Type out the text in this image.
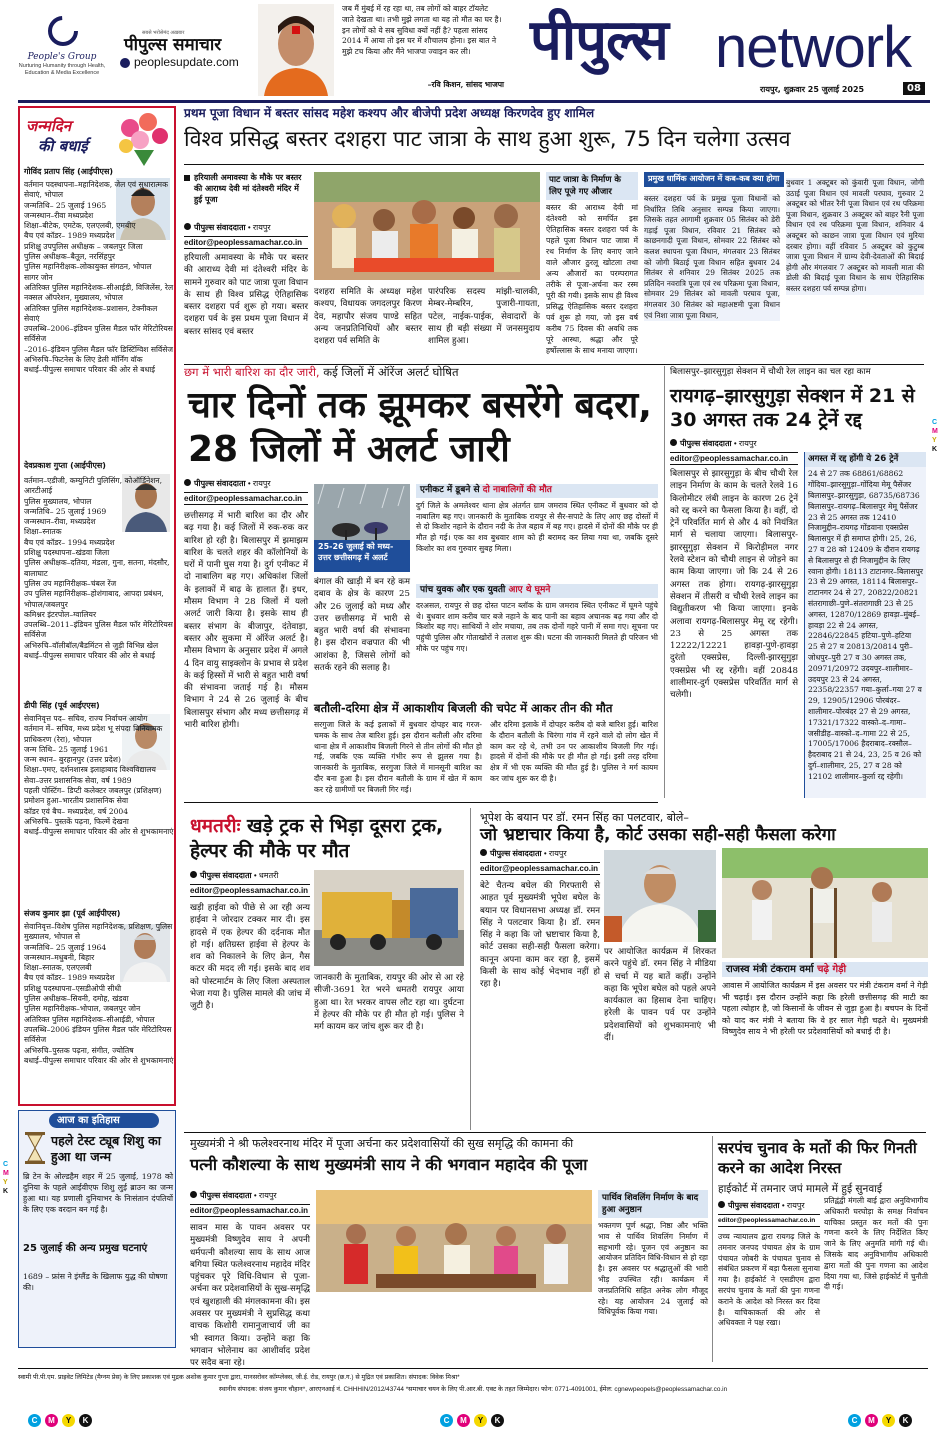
People's Group
Nurturing Humanity through Health, Education & Media Excellence
सबसे भरोसेमंद अख़बार
पीपुल्स समाचार
peoplesupdate.com
जब मैं मुंबई में रह रहा था, तब लोगों को बाहर टॉयलेट जाते देखता था। तभी मुझे लगता था यह तो मौत का घर है। इन लोगों को ये सब सुविधा क्यों नहीं है? पहला सांसद 2014 में आया तो इस घर में शौचालय होना। इस बात ने मुझे टच किया और मैंने भाजपा ज्वाइन कर ली।
–रवि किशन, सांसद भाजपा
पीपुल्स network
रायपुर, शुक्रवार 25 जुलाई 2025	08
जन्मदिन
की बधाई
गोविंद प्रताप सिंह (आईपीएस)
वर्तमान पदस्थापना–महानिदेशक, जेल एवं सुधारात्मक सेवाएं, भोपाल
जन्मतिथि– 25 जुलाई 1965
जन्मस्थान–रीवा मध्यप्रदेश
शिक्षा–बीटेक, एमटेक, एलएलबी, एमबीए
बैच एवं कॉडर– 1989 मध्यप्रदेश
प्रशिक्षु उपपुलिस अधीक्षक – जबलपुर जिला
पुलिस अधीक्षक–बैतूल, नरसिंहपुर
पुलिस महानिरीक्षक–लोकायुक्त संगठन, भोपाल
सागर जोन
अतिरिक्त पुलिस महानिदेशक–सीआईडी, विजिलेंस, रेल नक्सल ऑपरेशन, मुख्यालय, भोपाल
अतिरिक्त पुलिस महानिदेशक–प्रशासन, टेक्नीकल सेवाएं
उपलब्धि–2006–इंडियन पुलिस मैडल फॉर मेरिटोरियस सर्विसेज
–2016–इंडियन पुलिस मैडल फॉर डिस्टिंग्विश सर्विसेज
अभिरुचि–फिटनेस के लिए डेली मॉर्निंग वॉक
बधाई–पीपुल्स समाचार परिवार की ओर से बधाई
देवप्रकाश गुप्ता (आईपीएस)
वर्तमान–एडीजी, कम्युनिटी पुलिसिंग, कोऑर्डिनेशन, आरटीआई
पुलिस मुख्यालय, भोपाल
जन्मतिथि– 25 जुलाई 1969
जन्मस्थान–रीवा, मध्यप्रदेश
शिक्षा–स्नातक
बैच एवं कॉडर– 1994 मध्यप्रदेश
प्रशिक्षु पदस्थापना–खंडवा जिला
पुलिस अधीक्षक–दतिया, मंडला, गुना, सतना, मंदसौर, बालाघाट
पुलिस उप महानिरीक्षक–चंबल रेंज
उप पुलिस महानिरीक्षक–होशंगाबाद, आपदा प्रबंधन, भोपाल/जबलपुर
कमिश्नर इंटरपोल–ग्वालियर
उपलब्धि–2011–इंडियन पुलिस मैडल फॉर मेरिटोरियस सर्विसेज
अभिरुचि–वॉलीबॉल/बैडमिंटन से जुड़ी विभिन्न खेल
बधाई–पीपुल्स समाचार परिवार की ओर से बधाई
डीपी सिंह (पूर्व आईएएस)
सेवानिवृत्त पद– सचिव, राज्य निर्वाचन आयोग
वर्तमान में– सचिव, मध्य प्रदेश भू संपदा विनियामक प्राधिकरण (रेरा), भोपाल
जन्म तिथि– 25 जुलाई 1961
जन्म स्थान– बुरहानपुर (उत्तर प्रदेश)
शिक्षा–एमए, दर्शनशास्त्र इलाहाबाद विश्वविद्यालय
सेवा–उत्तर प्रशासनिक सेवा, वर्ष 1989
पहली पोस्टिंग– डिप्टी कलेक्टर जबलपुर (प्रशिक्षण)
प्रमोशन हुआ–भारतीय प्रशासनिक सेवा
कॉडर एवं बैच– मध्यप्रदेश, वर्ष 2004
अभिरुचि– पुस्तकें पढ़ना, फिल्में देखना
बधाई–पीपुल्स समाचार परिवार की ओर से शुभकामनाएं
संजय कुमार झा (पूर्व आईपीएस)
सेवानिवृत्त–विशेष पुलिस महानिदेशक, प्रशिक्षण, पुलिस मुख्यालय, भोपाल से
जन्मतिथि– 25 जुलाई 1964
जन्मस्थान–मधुबनी, बिहार
शिक्षा–स्नातक, एलएलबी
बैच एवं कॉडर– 1989 मध्यप्रदेश
प्रशिक्षु पदस्थापना–एसडीओपी सीधी
पुलिस अधीक्षक–सिवनी, दमोह, खंडवा
पुलिस महानिरीक्षक–भोपाल, जबलपुर जोन
अतिरिक्त पुलिस महानिदेशक–सीआईडी, भोपाल
उपलब्धि–2006 इंडियन पुलिस मैडल फॉर मेरिटोरियस सर्विसेज
अभिरुचि–पुस्तक पढ़ना, संगीत, ज्योतिष
बधाई–पीपुल्स समाचार परिवार की ओर से शुभकामनाएं
आज का इतिहास
पहले टेस्ट ट्यूब शिशु का हुआ था जन्म
ब्रि टेन के ओल्डहैम शहर में 25 जुलाई, 1978 को दुनिया के पहले आईवीएफ शिशु लुई ब्राउन का जन्म हुआ था। यह प्रणाली दुनियाभर के निःसंतान दंपतियों के लिए एक वरदान बन गई है।
25 जुलाई की अन्य प्रमुख घटनाएं
1689 – फ्रांस ने इंग्लैंड के खिलाफ युद्ध की घोषणा की।
प्रथम पूजा विधान में बस्तर सांसद महेश कश्यप और बीजेपी प्रदेश अध्यक्ष किरणदेव हुए शामिल
विश्व प्रसिद्ध बस्तर दशहरा पाट जात्रा के साथ हुआ शुरू, 75 दिन चलेगा उत्सव
हरियाली अमावस्या के मौके पर बस्तर की आराध्य देवी मां दंतेश्वरी मंदिर में हुई पूजा
पीपुल्स संवाददाता • रायपुर
editor@peoplessamachar.co.in
हरियाली अमावस्या के मौके पर बस्तर की आराध्य देवी मां दंतेश्वरी मंदिर के सामने गुरुवार को पाट जात्रा पूजा विधान के साथ ही विश्व प्रसिद्ध ऐतिहासिक बस्तर दशहरा पर्व शुरू हो गया। बस्तर दशहरा पर्व के इस प्रथम पूजा विधान में बस्तर सांसद एवं बस्तर
दशहरा समिति के अध्यक्ष महेश कश्यप, विधायक जगदलपुर किरण देव, महापौर संजय पाण्डे सहित अन्य जनप्रतिनिधियों और बस्तर दशहरा पर्व समिति के
पारंपरिक सदस्य मांझी-चालकी, मेम्बर-मेम्बरिन, पुजारी-गायता, पटेल, नाईक-पाईक, सेवादारों के साथ ही बड़ी संख्या में जनसमुदाय शामिल हुआ।
पाट जात्रा के निर्माण के लिए पूजे गए औजार
बस्तर की आराध्य देवी मां दंतेश्वरी को समर्पित इस ऐतिहासिक बस्तर दशहरा पर्व के पहले पूजा विधान पाट जात्रा में रथ निर्माण के लिए बनाए जाने वाले औजार ठुरलू खोटला तथा अन्य औजारों का परम्परागत तरीके से पूजा-अर्चना कर रस्म पूरी की गयी। इसके साथ ही विश्व प्रसिद्ध ऐतिहासिक बस्तर दशहरा पर्व शुरू हो गया, जो इस वर्ष करीब 75 दिवस की अवधि तक पूरे आस्था, श्रद्धा और पूरे हर्षोल्लास के साथ मनाया जाएगा।
प्रमुख धार्मिक आयोजन में कब-कब क्या होगा
बस्तर दशहरा पर्व के प्रमुख पूजा विधानों को निर्धारित तिथि अनुसार सम्पन्न किया जाएगा। जिसके तहत आगामी शुक्रवार 05 सितंबर को डेरी गड़ाई पूजा विधान, रविवार 21 सितंबर को काछनगादी पूजा विधान, सोमवार 22 सितंबर को कलश स्थापना पूजा विधान, मंगलवार 23 सितंबर को जोगी बिठाई पूजा विधान सहित बुधवार 24 सितंबर से शनिवार 29 सितंबर 2025 तक प्रतिदिन नवरात्रि पूजा एवं रथ परिक्रमा पूजा विधान, सोमवार 29 सितंबर को मावली परघाव पूजा, मंगलवार 30 सितंबर को महाअष्टमी पूजा विधान एवं निशा जात्रा पूजा विधान,
बुधवार 1 अक्टूबर को कुंवारी पूजा विधान, जोगी उठाई पूजा विधान एवं मावली परघाव, गुरुवार 2 अक्टूबर को भीतर रैनी पूजा विधान एवं रथ परिक्रमा पूजा विधान, शुक्रवार 3 अक्टूबर को बाहर रैनी पूजा विधान एवं रथ परिक्रमा पूजा विधान, शनिवार 4 अक्टूबर को काछन जात्रा पूजा विधान एवं मुरिया दरबार होगा। वहीं रविवार 5 अक्टूबर को कुटुम्ब जात्रा पूजा विधान में ग्राम्य देवी-देवताओं की बिदाई होगी और मंगलवार 7 अक्टूबर को मावली माता की डोली की बिदाई पूजा विधान के साथ ऐतिहासिक बस्तर दशहरा पर्व सम्पन्न होगा।
छग में भारी बारिश का दौर जारी, कई जिलों में ऑरेंज अलर्ट घोषित
चार दिनों तक झूमकर बसरेंगे बदरा, 28 जिलों में अलर्ट जारी
पीपुल्स संवाददाता • रायपुर
editor@peoplessamachar.co.in
छत्तीसगढ़ में भारी बारिश का दौर और बढ़ गया है। कई जिलों में रुक-रुक कर बारिश हो रही है। बिलासपुर में झमाझम बारिश के चलते शहर की कॉलोनियों के घरों में पानी घुस गया है। दुर्ग एनीकट में दो नाबालिग बह गए। अधिकांश जिलों के इलाकों में बाढ़ के हालात हैं। इधर, मौसम विभाग ने 28 जिलों में यलो अलर्ट जारी किया है। इसके साथ ही बस्तर संभाग के बीजापुर, दंतेवाड़ा, बस्तर और सुकमा में ऑरेंज अलर्ट है। मौसम विभाग के अनुसार प्रदेश में अगले 4 दिन वायु साइक्लोन के प्रभाव से प्रदेश के कई हिस्सों में भारी से बहुत भारी वर्षा की संभावना जताई गई है। मौसम विभाग ने 24 से 26 जुलाई के बीच बिलासपुर संभाग और मध्य छत्तीसगढ़ में भारी बारिश होगी।
25-26 जुलाई को मध्य-उत्तर छत्तीसगढ़ में अलर्ट
बंगाल की खाड़ी में बन रहे कम दबाव के क्षेत्र के कारण 25 और 26 जुलाई को मध्य और उत्तर छत्तीसगढ़ में भारी से बहुत भारी वर्षा की संभावना है। इस दौरान वज्रपात की भी आशंका है, जिससे लोगों को सतर्क रहने की सलाह है।
एनीकट में डूबने से दो नाबालिगों की मौत
दुर्ग जिले के अमलेश्वर थाना क्षेत्र अंतर्गत ग्राम जमराव स्थित एनीकट में बुधवार को दो नाबालिग बह गए। जानकारी के मुताबिक रायपुर से सैर-सपाटे के लिए आए छह दोस्तों में से दो किशोर नहाने के दौरान नदी के तेज बहाव में बह गए। हादसे में दोनों की मौके पर ही मौत हो गई। एक का शव बुधवार शाम को ही बरामद कर लिया गया था, जबकि दूसरे किशोर का शव गुरुवार सुबह मिला।
पांच युवक और एक युवती आए थे घूमने
दरअसल, रायपुर से छह दोस्त पाटन ब्लॉक के ग्राम जमराव स्थित एनीकट में घूमने पहुंचे थे। बुधवार शाम करीब चार बजे नहाने के बाद पानी का बहाव अचानक बढ़ गया और दो किशोर बह गए। साथियों ने शोर मचाया, तब तक दोनों गहरे पानी में समा गए। सूचना पर पहुंची पुलिस और गोताखोरों ने तलाश शुरू की। घटना की जानकारी मिलते ही परिजन भी मौके पर पहुंच गए।
बतौली-दरिमा क्षेत्र में आकाशीय बिजली की चपेट में आकर तीन की मौत
सरगुजा जिले के कई इलाकों में बुधवार दोपहर बाद गरज-चमक के साथ तेज बारिश हुई। इस दौरान बतौली और दरिमा थाना क्षेत्र में आकाशीय बिजली गिरने से तीन लोगों की मौत हो गई, जबकि एक व्यक्ति गंभीर रूप से झुलस गया है। जानकारी के मुताबिक, सरगुजा जिले में मानसूनी बारिश का दौर बना हुआ है। इस दौरान बतौली के ग्राम में खेत में काम कर रहे ग्रामीणों पर बिजली गिर गई।
और दरिमा इलाके में दोपहर करीब दो बजे बारिश हुई। बारिश के दौरान बतौली के चिरंगा गांव में रहने वाले दो लोग खेत में काम कर रहे थे, तभी उन पर आकाशीय बिजली गिर गई। हादसे में दोनों की मौके पर ही मौत हो गई। इसी तरह दरिमा क्षेत्र में भी एक व्यक्ति की मौत हुई है। पुलिस ने मर्ग कायम कर जांच शुरू कर दी है।
बिलासपुर–झारसुगुड़ा सेक्शन में चौथी रेल लाइन का चल रहा काम
रायगढ़–झारसुगुड़ा सेक्शन में 21 से 30 अगस्त तक 24 ट्रेनें रद्द
पीपुल्स संवाददाता • रायपुर
editor@peoplessamachar.co.in
बिलासपुर से झारसुगुड़ा के बीच चौथी रेल लाइन निर्माण के काम के चलते रेलवे 16 किलोमीटर लंबी लाइन के कारण 26 ट्रेनें को रद्द करने का फैसला किया है। वहीं, दो ट्रेनें परिवर्तित मार्ग से और 4 को नियंत्रित मार्ग से चलाया जाएगा। बिलासपुर-झारसुगुड़ा सेक्शन में किरोड़ीमल नगर रेलवे स्टेशन को चौथी लाइन से जोड़ने का काम किया जाएगा। जो कि 24 से 26 अगस्त तक होगा। रायगढ़-झारसुगुड़ा सेक्शन में तीसरी व चौथी रेलवे लाइन का विद्युतीकरण भी किया जाएगा। इनके अलावा रायगढ़-बिलासपुर मेमू रद्द रहेगी। 23 से 25 अगस्त तक 12222/12221 हावड़ा-पुणे-हावड़ा दुरंतो एक्सप्रेस, दिल्ली-झारसुगुड़ा एक्सप्रेस भी रद्द रहेंगी। वहीं 20848 शालीमार-दुर्ग एक्सप्रेस परिवर्तित मार्ग से चलेगी।
अगस्त में रद्द होंगी ये 26 ट्रेनें
24 से 27 तक 68861/68862 गोंदिया–झारसुगुड़ा–गोंदिया मेमू पैसेंजर बिलासपुर–झारसुगुड़ा, 68735/68736 बिलासपुर–रायगढ़–बिलासपुर मेमू पैसेंजर 23 से 25 अगस्त तक 12410 निजामुद्दीन–रायगढ़ गोंडवाना एक्सप्रेस बिलासपुर में ही समाप्त होगी। 25, 26, 27 व 28 को 12409 के दौरान रायगढ़ से बिलासपुर से ही निजामुद्दीन के लिए रवाना होगी। 18113 टाटानगर–बिलासपुर 23 से 29 अगस्त, 18114 बिलासपुर–टाटानगर 24 से 27, 20822/20821 संतरागाछी–पुणे–संतरागाछी 23 से 25 अगस्त, 12870/12869 हावड़ा–मुंबई–हावड़ा 22 से 24 अगस्त, 22846/22845 हटिया–पुणे–हटिया 25 से 27 व 20813/20814 पुरी–जोधपुर–पुरी 27 व 30 अगस्त तक, 20971/20972 उदयपुर–शालीमार–उदयपुर 23 से 24 अगस्त, 22358/22357 गया–कुर्ला–गया 27 व 29, 12905/12906 पोरबंदर–शालीमार–पोरबंदर 27 से 29 अगस्त, 17321/17322 वास्को–द–गामा–जसीडीह–वास्को–द–गामा 22 से 25, 17005/17006 हैदराबाद–रक्सौल–हैदराबाद 21 से 24, 23, 25 व 26 को दुर्ग–शालीमार, 25, 27 व 28 को 12102 शालीमार–कुर्ला रद्द रहेगी।
धमतरीः खड़े ट्रक से भिड़ा दूसरा ट्रक, हेल्पर की मौके पर मौत
पीपुल्स संवाददाता • धमतरी
editor@peoplessamachar.co.in
खड़ी हाईवा को पीछे से आ रही अन्य हाईवा ने जोरदार टक्कर मार दी। इस हादसे में एक हेल्पर की दर्दनाक मौत हो गई। क्षतिग्रस्त हाईवा से हेल्पर के शव को निकालने के लिए क्रेन, गैस कटर की मदद ली गई। इसके बाद शव को पोस्टमार्टम के लिए जिला अस्पताल भेजा गया है। पुलिस मामले की जांच में जुटी है।
जानकारी के मुताबिक, रायपुर की ओर से आ रहे सीजी-3691 रेत भरने धमतरी रायपुर आया हुआ था। रेत भरकर वापस लौट रहा था। दुर्घटना में हेल्पर की मौके पर ही मौत हो गई। पुलिस ने मर्ग कायम कर जांच शुरू कर दी है।
भूपेश के बयान पर डॉ. रमन सिंह का पलटवार, बोले–
जो भ्रष्टाचार किया है, कोर्ट उसका सही-सही फैसला करेगा
पीपुल्स संवाददाता • रायपुर
editor@peoplessamachar.co.in
बेटे चैतन्य बघेल की गिरफ्तारी से आहत पूर्व मुख्यमंत्री भूपेश बघेल के बयान पर विधानसभा अध्यक्ष डॉ. रमन सिंह ने पलटवार किया है। डॉ. रमन सिंह ने कहा कि जो भ्रष्टाचार किया है, कोर्ट उसका सही-सही फैसला करेगा। कानून अपना काम कर रहा है, इसमें किसी के साथ कोई भेदभाव नहीं हो रहा है।
पर आयोजित कार्यक्रम में शिरकत करने पहुंचे डॉ. रमन सिंह ने मीडिया से चर्चा में यह बातें कहीं। उन्होंने कहा कि भूपेश बघेल को पहले अपने कार्यकाल का हिसाब देना चाहिए। हरेली के पावन पर्व पर उन्होंने प्रदेशवासियों को शुभकामनाएं भी दीं।
राजस्व मंत्री टंकराम वर्मा चढ़े गेड़ी
आवास में आयोजित कार्यक्रम में इस अवसर पर मंत्री टंकराम वर्मा ने गेड़ी भी चढ़ाई। इस दौरान उन्होंने कहा कि हरेली छत्तीसगढ़ की माटी का पहला त्योहार है, जो किसानों के जीवन से जुड़ा हुआ है। बचपन के दिनों को याद कर मंत्री ने बताया कि वे हर साल गेड़ी चढ़ते थे। मुख्यमंत्री विष्णुदेव साय ने भी हरेली पर प्रदेशवासियों को बधाई दी है।
मुख्यमंत्री ने श्री फलेश्वरनाथ मंदिर में पूजा अर्चना कर प्रदेशवासियों की सुख समृद्धि की कामना की
पत्नी कौशल्या के साथ मुख्यमंत्री साय ने की भगवान महादेव की पूजा
पीपुल्स संवाददाता • रायपुर
editor@peoplessamachar.co.in
सावन मास के पावन अवसर पर मुख्यमंत्री विष्णुदेव साय ने अपनी धर्मपत्नी कौशल्या साय के साथ आज बगिया स्थित फलेश्वरनाथ महादेव मंदिर पहुंचकर पूरे विधि-विधान से पूजा-अर्चना कर प्रदेशवासियों के सुख-समृद्धि एवं खुशहाली की मंगलकामना की। इस अवसर पर मुख्यमंत्री ने सुप्रसिद्ध कथा वाचक किशोरी रामानुजाचार्य जी का भी स्वागत किया। उन्होंने कहा कि भगवान भोलेनाथ का आशीर्वाद प्रदेश पर सदैव बना रहे।
पार्थिव शिवलिंग निर्माण के बाद हुआ अनुष्ठान
भक्तगण पूर्ण श्रद्धा, निष्ठा और भक्ति भाव से पार्थिव शिवलिंग निर्माण में सहभागी रहे। पूजन एवं अनुष्ठान का आयोजन प्रतिदिन विधि-विधान से हो रहा है। इस अवसर पर श्रद्धालुओं की भारी भीड़ उपस्थित रही। कार्यक्रम में जनप्रतिनिधि सहित अनेक लोग मौजूद रहे। यह आयोजन 24 जुलाई को विधिपूर्वक किया गया।
सरपंच चुनाव के मतों की फिर गिनती करने का आदेश निरस्त
हाईकोर्ट में तमनार जपं मामले में हुई सुनवाई
पीपुल्स संवाददाता • रायपुर
editor@peoplessamachar.co.in
उच्च न्यायालय द्वारा रायगढ़ जिले के तमनार जनपद पंचायत क्षेत्र के ग्राम पंचायत जोबरी के पंचायत चुनाव से संबंधित प्रकरण में बड़ा फैसला सुनाया गया है। हाईकोर्ट ने एसडीएम द्वारा सरपंच चुनाव के मतों की पुनः गणना कराने के आदेश को निरस्त कर दिया है। याचिकाकर्ता की ओर से अधिवक्ता ने पक्ष रखा।
प्रतिद्वंद्वी मंगली बाई द्वारा अनुविभागीय अधिकारी घरघोड़ा के समक्ष निर्वाचन याचिका प्रस्तुत कर मतों की पुनः गणना करने के लिए निर्देशित किए जाने के लिए अनुमति मांगी गई थी। जिसके बाद अनुविभागीय अधिकारी द्वारा मतों की पुनः गणना का आदेश दिया गया था, जिसे हाईकोर्ट में चुनौती दी गई।
स्वामी पी.पी.एम. प्राइवेट लिमिटेड (मैग्नम प्रेस) के लिए प्रकाशक एवं मुद्रक अशोक कुमार गुप्ता द्वारा, मानसरोवर कॉम्प्लेक्स, जी.ई. रोड, रायपुर (छ.ग.) से मुद्रित एवं प्रकाशित। संपादक: विवेक मिश्रा*
स्थानीय संपादक: संजय कुमार चौहान*, आरएनआई नं. CHHHIN/2012/43744 *समाचार चयन के लिए पी.आर.बी. एक्ट के तहत जिम्मेदार। फोन: 0771-4091001, ईमेल: cgnewpeopels@peoplessamachar.co.in
C	M	Y	K	C	M	Y	K	C	M	Y	K
C
M
Y
K
C
M
Y
K
